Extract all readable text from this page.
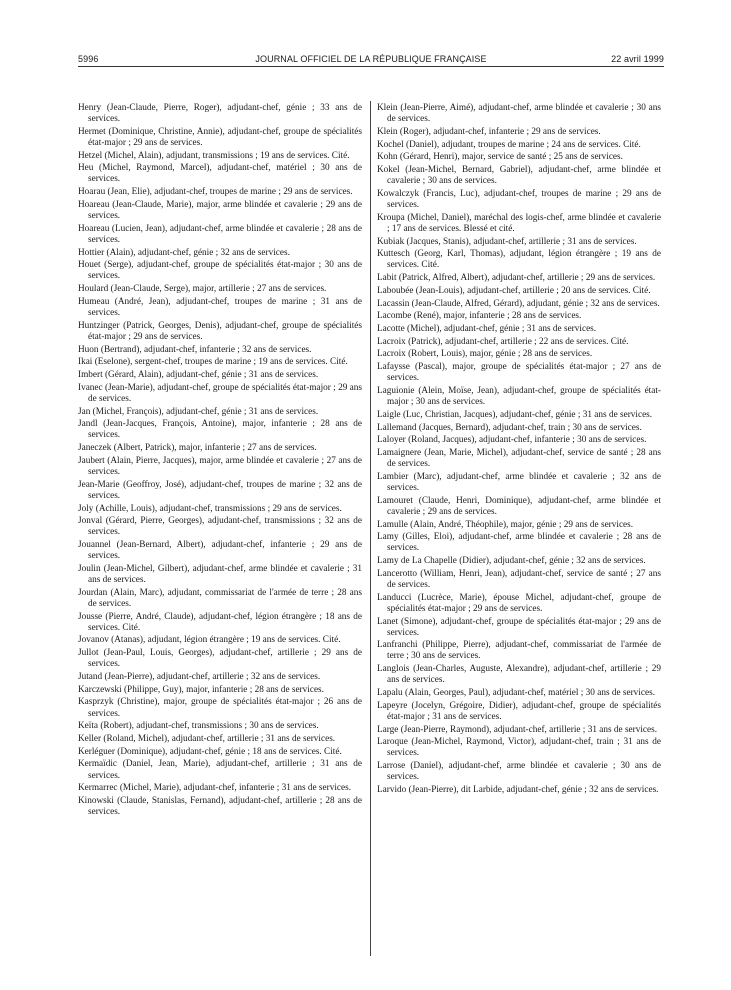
5996	JOURNAL OFFICIEL DE LA RÉPUBLIQUE FRANÇAISE	22 avril 1999

Henry (Jean-Claude, Pierre, Roger), adjudant-chef, génie ; 33 ans de services.

Hermet (Dominique, Christine, Annie), adjudant-chef, groupe de spécialités état-major ; 29 ans de services.

Hetzel (Michel, Alain), adjudant, transmissions ; 19 ans de services. Cité.

Heu (Michel, Raymond, Marcel), adjudant-chef, matériel ; 30 ans de services.

Hoarau (Jean, Elie), adjudant-chef, troupes de marine ; 29 ans de services.

Hoareau (Jean-Claude, Marie), major, arme blindée et cavalerie ; 29 ans de services.

Hoareau (Lucien, Jean), adjudant-chef, arme blindée et cavalerie ; 28 ans de services.

Hottier (Alain), adjudant-chef, génie ; 32 ans de services.

Houet (Serge), adjudant-chef, groupe de spécialités état-major ; 30 ans de services.

Houlard (Jean-Claude, Serge), major, artillerie ; 27 ans de services.

Humeau (André, Jean), adjudant-chef, troupes de marine ; 31 ans de services.

Huntzinger (Patrick, Georges, Denis), adjudant-chef, groupe de spécialités état-major ; 29 ans de services.

Huon (Bertrand), adjudant-chef, infanterie ; 32 ans de services.

Ikai (Eselone), sergent-chef, troupes de marine ; 19 ans de services. Cité.

Imbert (Gérard, Alain), adjudant-chef, génie ; 31 ans de services.

Ivanec (Jean-Marie), adjudant-chef, groupe de spécialités état-major ; 29 ans de services.

Jan (Michel, François), adjudant-chef, génie ; 31 ans de services.

Jandl (Jean-Jacques, François, Antoine), major, infanterie ; 28 ans de services.

Janeczek (Albert, Patrick), major, infanterie ; 27 ans de services.

Jaubert (Alain, Pierre, Jacques), major, arme blindée et cavalerie ; 27 ans de services.

Jean-Marie (Geoffroy, José), adjudant-chef, troupes de marine ; 32 ans de services.

Joly (Achille, Louis), adjudant-chef, transmissions ; 29 ans de services.

Jonval (Gérard, Pierre, Georges), adjudant-chef, transmissions ; 32 ans de services.

Jouannel (Jean-Bernard, Albert), adjudant-chef, infanterie ; 29 ans de services.

Joulin (Jean-Michel, Gilbert), adjudant-chef, arme blindée et cavalerie ; 31 ans de services.

Jourdan (Alain, Marc), adjudant, commissariat de l'armée de terre ; 28 ans de services.

Jousse (Pierre, André, Claude), adjudant-chef, légion étrangère ; 18 ans de services. Cité.

Jovanov (Atanas), adjudant, légion étrangère ; 19 ans de services. Cité.

Jullot (Jean-Paul, Louis, Georges), adjudant-chef, artillerie ; 29 ans de services.

Jutand (Jean-Pierre), adjudant-chef, artillerie ; 32 ans de services.

Karczewski (Philippe, Guy), major, infanterie ; 28 ans de services.

Kasprzyk (Christine), major, groupe de spécialités état-major ; 26 ans de services.

Keïta (Robert), adjudant-chef, transmissions ; 30 ans de services.

Keller (Roland, Michel), adjudant-chef, artillerie ; 31 ans de services.

Kerléguer (Dominique), adjudant-chef, génie ; 18 ans de services. Cité.

Kermaïdic (Daniel, Jean, Marie), adjudant-chef, artillerie ; 31 ans de services.

Kermarrec (Michel, Marie), adjudant-chef, infanterie ; 31 ans de services.

Kinowski (Claude, Stanislas, Fernand), adjudant-chef, artillerie ; 28 ans de services.

Klein (Jean-Pierre, Aimé), adjudant-chef, arme blindée et cavalerie ; 30 ans de services.

Klein (Roger), adjudant-chef, infanterie ; 29 ans de services.

Kochel (Daniel), adjudant, troupes de marine ; 24 ans de services. Cité.

Kohn (Gérard, Henri), major, service de santé ; 25 ans de services.

Kokel (Jean-Michel, Bernard, Gabriel), adjudant-chef, arme blindée et cavalerie ; 30 ans de services.

Kowalczyk (Francis, Luc), adjudant-chef, troupes de marine ; 29 ans de services.

Kroupa (Michel, Daniel), maréchal des logis-chef, arme blindée et cavalerie ; 17 ans de services. Blessé et cité.

Kubiak (Jacques, Stanis), adjudant-chef, artillerie ; 31 ans de services.

Kuttesch (Georg, Karl, Thomas), adjudant, légion étrangère ; 19 ans de services. Cité.

Labit (Patrick, Alfred, Albert), adjudant-chef, artillerie ; 29 ans de services.

Laboubée (Jean-Louis), adjudant-chef, artillerie ; 20 ans de services. Cité.

Lacassin (Jean-Claude, Alfred, Gérard), adjudant, génie ; 32 ans de services.

Lacombe (René), major, infanterie ; 28 ans de services.

Lacotte (Michel), adjudant-chef, génie ; 31 ans de services.

Lacroix (Patrick), adjudant-chef, artillerie ; 22 ans de services. Cité.

Lacroix (Robert, Louis), major, génie ; 28 ans de services.

Lafaysse (Pascal), major, groupe de spécialités état-major ; 27 ans de services.

Laguionie (Alein, Moïse, Jean), adjudant-chef, groupe de spécialités état-major ; 30 ans de services.

Laigle (Luc, Christian, Jacques), adjudant-chef, génie ; 31 ans de services.

Lallemand (Jacques, Bernard), adjudant-chef, train ; 30 ans de services.

Laloyer (Roland, Jacques), adjudant-chef, infanterie ; 30 ans de services.

Lamaignere (Jean, Marie, Michel), adjudant-chef, service de santé ; 28 ans de services.

Lambier (Marc), adjudant-chef, arme blindée et cavalerie ; 32 ans de services.

Lamouret (Claude, Henri, Dominique), adjudant-chef, arme blindée et cavalerie ; 29 ans de services.

Lamulle (Alain, André, Théophile), major, génie ; 29 ans de services.

Lamy (Gilles, Eloi), adjudant-chef, arme blindée et cavalerie ; 28 ans de services.

Lamy de La Chapelle (Didier), adjudant-chef, génie ; 32 ans de services.

Lancerotto (William, Henri, Jean), adjudant-chef, service de santé ; 27 ans de services.

Landucci (Lucrèce, Marie), épouse Michel, adjudant-chef, groupe de spécialités état-major ; 29 ans de services.

Lanet (Simone), adjudant-chef, groupe de spécialités état-major ; 29 ans de services.

Lanfranchi (Philippe, Pierre), adjudant-chef, commissariat de l'armée de terre ; 30 ans de services.

Langlois (Jean-Charles, Auguste, Alexandre), adjudant-chef, artillerie ; 29 ans de services.

Lapalu (Alain, Georges, Paul), adjudant-chef, matériel ; 30 ans de services.

Lapeyre (Jocelyn, Grégoire, Didier), adjudant-chef, groupe de spécialités état-major ; 31 ans de services.

Large (Jean-Pierre, Raymond), adjudant-chef, artillerie ; 31 ans de services.

Laroque (Jean-Michel, Raymond, Victor), adjudant-chef, train ; 31 ans de services.

Larrose (Daniel), adjudant-chef, arme blindée et cavalerie ; 30 ans de services.

Larvido (Jean-Pierre), dit Larbide, adjudant-chef, génie ; 32 ans de services.
